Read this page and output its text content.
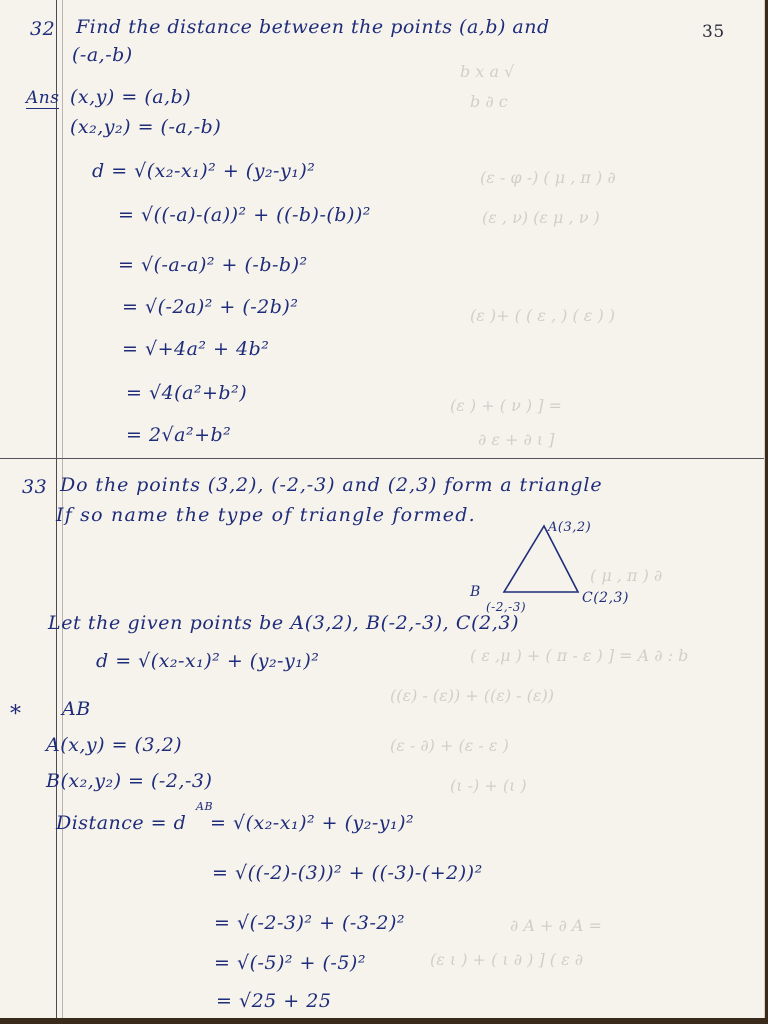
35
b x a √
b ∂ c
(ε - φ -) ( μ , π ) ∂
(ε , ν) (ε μ , ν )
(ε )+ ( ( ε , ) ( ε ) )
(ε ) + ( ν ) ] =
∂ ε + ∂ ι ]
( μ , π ) ∂
( ε ,μ ) + ( π - ε ) ] = A ∂ : b
((ε) - (ε)) + ((ε) - (ε))
(ε - ∂) + (ε - ε )
(ι -) + (ι )
∂ A + ∂ A =
(ε ι ) + ( ι ∂ ) ] ( ε ∂
32 Find the distance between the points (a,b) and
(-a,-b)
Ans (x,y) = (a,b)
(x₂,y₂) = (-a,-b)
d = √(x₂-x₁)² + (y₂-y₁)²
= √((-a)-(a))² + ((-b)-(b))²
= √(-a-a)² + (-b-b)²
= √(-2a)² + (-2b)²
= √+4a² + 4b²
= √4(a²+b²)
= 2√a²+b²
33 Do the points (3,2), (-2,-3) and (2,3) form a triangle
If so name the type of triangle formed.
A(3,2)
B
(-2,-3)
C(2,3)
Let the given points be A(3,2), B(-2,-3), C(2,3)
d = √(x₂-x₁)² + (y₂-y₁)²
* AB
A(x,y) = (3,2)
B(x₂,y₂) = (-2,-3)
Distance = d
AB
= √(x₂-x₁)² + (y₂-y₁)²
= √((-2)-(3))² + ((-3)-(+2))²
= √(-2-3)² + (-3-2)²
= √(-5)² + (-5)²
= √25 + 25
